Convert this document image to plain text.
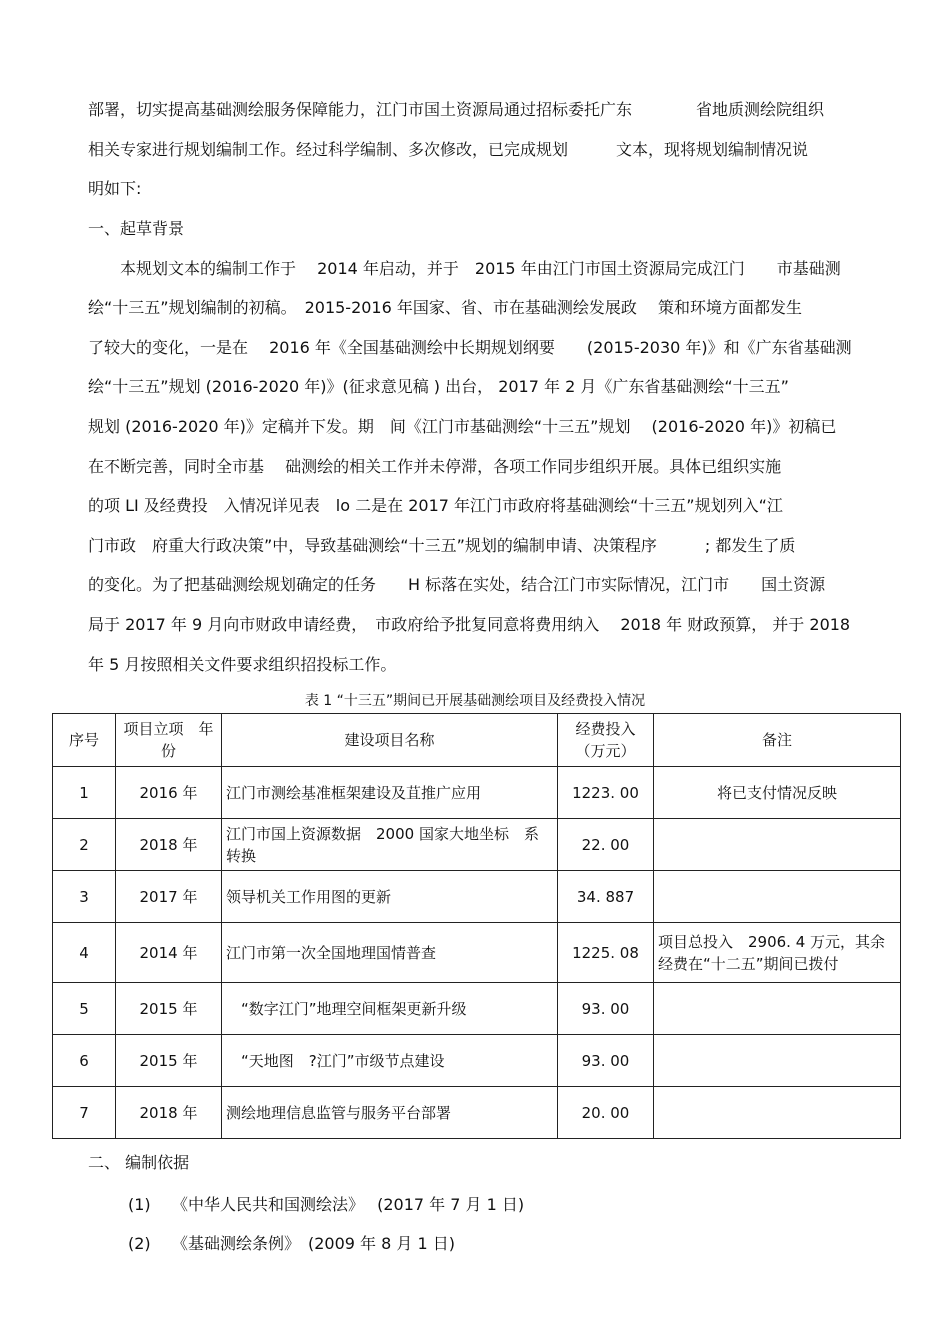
部署，切实提高基础测绘服务保障能力，江门市国土资源局通过招标委托广东　　　　省地质测绘院组织
相关专家进行规划编制工作。经过科学编制、多次修改，已完成规划　　　文本，现将规划编制情况说
明如下:
一、起草背景
　　本规划文本的编制工作于　 2014 年启动，并于　2015 年由江门市国土资源局完成江门　　市基础测
绘“十三五”规划编制的初稿。　2015-2016 年国家、省、市在基础测绘发展政　 策和环境方面都发生
了较大的变化，一是在　 2016 年《全国基础测绘中长期规划纲要　　(2015-2030 年)》和《广东省基础测
绘“十三五”规划 (2016-2020 年)》(征求意见稿 ) 出台， 2017 年 2 月《广东省基础测绘“十三五”
规划 (2016-2020 年)》定稿并下发。期　间《江门市基础测绘“十三五”规划　 (2016-2020 年)》初稿已
在不断完善，同时全市基　 础测绘的相关工作并未停滞，各项工作同步组织开展。具体已组织实施
的项 LI 及经费投　入情况详见表　lo 二是在 2017 年江门市政府将基础测绘“十三五”规划列入“江
门市政　府重大行政决策”中，导致基础测绘“十三五”规划的编制申请、决策程序　　　; 都发生了质
的变化。为了把基础测绘规划确定的任务　　H 标落在实处，结合江门市实际情况，江门市　　国土资源
局于 2017 年 9 月向市财政申请经费，　市政府给予批复同意将费用纳入　 2018 年 财政预算， 并于 2018
年 5 月按照相关文件要求组织招投标工作。
表 1 “十三五”期间已开展基础测绘项目及经费投入情况
序号	项目立项　年份	建设项目名称	经费投入（万元）	备注
1	2016 年	江门市测绘基准框架建设及苴推广应用	1223. 00	将已支付情况反映
2	2018 年	江门市国上资源数据　2000 国家大地坐标　系转换	22. 00	
3	2017 年	领导机关工作用图的更新	34. 887	
4	2014 年	江门市第一次全国地理国情普查	1225. 08	项目总投入　2906. 4 万元，其余经费在“十二五”期间已拨付
5	2015 年	　“数字江门”地理空间框架更新升级	93. 00	
6	2015 年	　“天地图　?江门”市级节点建设	93. 00	
7	2018 年	测绘地理信息监管与服务平台部署	20. 00	
二、 编制依据
(1) 《中华人民共和国测绘法》　 (2017 年 7 月 1 日)
(2) 《基础测绘条例》　(2009 年 8 月 1 日)
